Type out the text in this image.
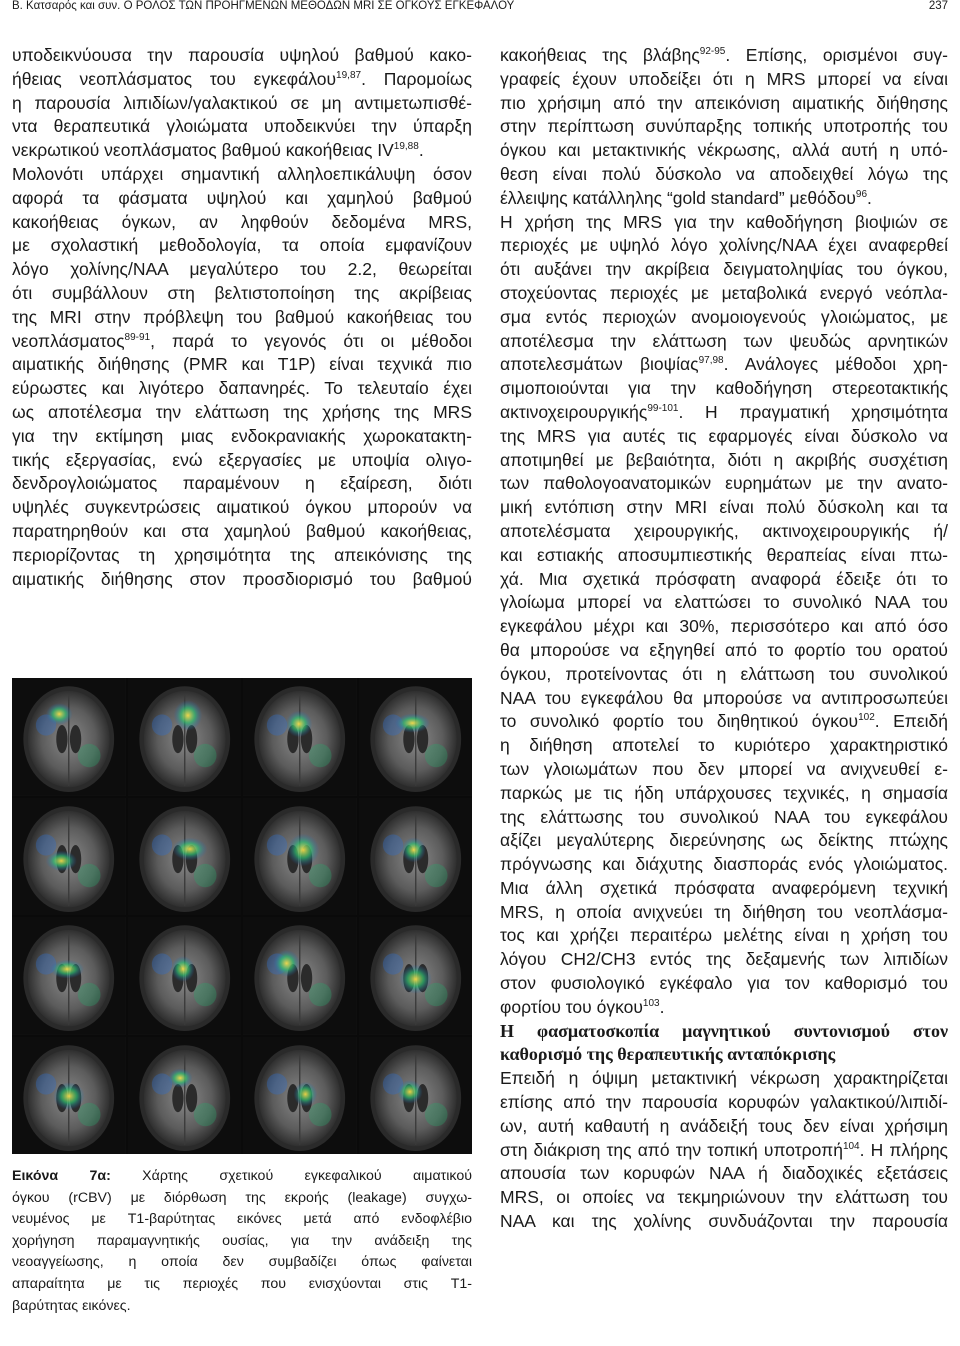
Β. Κατσαρός και συν. Ο ΡΟΛΟΣ ΤΩΝ ΠΡΟΗΓΜΕΝΩΝ ΜΕΘΟΔΩΝ MRI ΣΕ ΟΓΚΟΥΣ ΕΓΚΕΦΑΛΟΥ	237
υποδεικνύουσα την παρουσία υψηλού βαθμού κακο-
ήθειας νεοπλάσματος του εγκεφάλου$^{19,87}$. Παρομοίως
η παρουσία λιπιδίων/γαλακτικού σε μη αντιμετωπισθέ-
ντα θεραπευτικά γλοιώματα υποδεικνύει την ύπαρξη
νεκρωτικού νεοπλάσματος βαθμού κακοήθειας IV$^{19,88}$.
Μολονότι υπάρχει σημαντική αλληλοεπικάλυψη όσον
αφορά τα φάσματα υψηλού και χαμηλού βαθμού
κακοήθειας όγκων, αν ληφθούν δεδομένα MRS,
με σχολαστική μεθοδολογία, τα οποία εμφανίζουν
λόγο χολίνης/NAA μεγαλύτερο του 2.2, θεωρείται
ότι συμβάλλουν στη βελτιστοποίηση της ακρίβειας
της MRI στην πρόβλεψη του βαθμού κακοήθειας του
νεοπλάσματος$^{89-91}$, παρά το γεγονός ότι οι μέθοδοι
αιματικής διήθησης (PMR και T1P) είναι τεχνικά πιο
εύρωστες και λιγότερο δαπανηρές. Το τελευταίο έχει
ως αποτέλεσμα την ελάττωση της χρήσης της MRS
για την εκτίμηση μιας ενδοκρανιακής χωροκατακτη-
τικής εξεργασίας, ενώ εξεργασίες με υποψία ολιγο-
δενδρογλοιώματος παραμένουν η εξαίρεση, διότι
υψηλές συγκεντρώσεις αιματικού όγκου μπορούν να
παρατηρηθούν και στα χαμηλού βαθμού κακοήθειας,
περιορίζοντας τη χρησιμότητα της απεικόνισης της
αιματικής διήθησης στον προσδιορισμό του βαθμού
Εικόνα 7α: Χάρτης σχετικού εγκεφαλικού αιματικού
όγκου (rCBV) με διόρθωση της εκροής (leakage) συγχω-
νευμένος με T1-βαρύτητας εικόνες μετά από ενδοφλέβιο
χορήγηση παραμαγνητικής ουσίας, για την ανάδειξη της
νεοαγγείωσης, η οποία δεν συμβαδίζει όπως φαίνεται
απαραίτητα με τις περιοχές που ενισχύονται στις T1-
βαρύτητας εικόνες.
κακοήθειας της βλάβης$^{92-95}$. Επίσης, ορισμένοι συγ-
γραφείς έχουν υποδείξει ότι η MRS μπορεί να είναι
πιο χρήσιμη από την απεικόνιση αιματικής διήθησης
στην περίπτωση συνύπαρξης τοπικής υποτροπής του
όγκου και μετακτινικής νέκρωσης, αλλά αυτή η υπό-
θεση είναι πολύ δύσκολο να αποδειχθεί λόγω της
έλλειψης κατάλληλης “gold standard” μεθόδου$^{96}$.
Η χρήση της MRS για την καθοδήγηση βιοψιών σε
περιοχές με υψηλό λόγο χολίνης/NAA έχει αναφερθεί
ότι αυξάνει την ακρίβεια δειγματοληψίας του όγκου,
στοχεύοντας περιοχές με μεταβολικά ενεργό νεόπλα-
σμα εντός περιοχών ανομοιογενούς γλοιώματος, με
αποτέλεσμα την ελάττωση των ψευδώς αρνητικών
αποτελεσμάτων βιοψίας$^{97,98}$. Ανάλογες μέθοδοι χρη-
σιμοποιούνται για την καθοδήγηση στερεοτακτικής
ακτινοχειρουργικής$^{99-101}$. Η πραγματική χρησιμότητα
της MRS για αυτές τις εφαρμογές είναι δύσκολο να
αποτιμηθεί με βεβαιότητα, διότι η ακριβής συσχέτιση
των παθολογοανατομικών ευρημάτων με την ανατο-
μική εντόπιση στην MRI είναι πολύ δύσκολη και τα
αποτελέσματα χειρουργικής, ακτινοχειρουργικής ή/
και εστιακής αποσυμπιεστικής θεραπείας είναι πτω-
χά. Μια σχετικά πρόσφατη αναφορά έδειξε ότι το
γλοίωμα μπορεί να ελαττώσει το συνολικό NAA του
εγκεφάλου μέχρι και 30%, περισσότερο και από όσο
θα μπορούσε να εξηγηθεί από το φορτίο του ορατού
όγκου, προτείνοντας ότι η ελάττωση του συνολικού
NAA του εγκεφάλου θα μπορούσε να αντιπροσωπεύει
το συνολικό φορτίο του διηθητικού όγκου$^{102}$. Επειδή
η διήθηση αποτελεί το κυριότερο χαρακτηριστικό
των γλοιωμάτων που δεν μπορεί να ανιχνευθεί ε-
παρκώς με τις ήδη υπάρχουσες τεχνικές, η σημασία
της ελάττωσης του συνολικού NAA του εγκεφάλου
αξίζει μεγαλύτερης διερεύνησης ως δείκτης πτώχης
πρόγνωσης και διάχυτης διασποράς ενός γλοιώματος.
Μια άλλη σχετικά πρόσφατα αναφερόμενη τεχνική
MRS, η οποία ανιχνεύει τη διήθηση του νεοπλάσμα-
τος και χρήζει περαιτέρω μελέτης είναι η χρήση του
λόγου CH2/CH3 εντός της δεξαμενής των λιπιδίων
στον φυσιολογικό εγκέφαλο για τον καθορισμό του
φορτίου του όγκου$^{103}$.
Η φασματοσκοπία μαγνητικού συντονισμού στον
καθορισμό της θεραπευτικής ανταπόκρισης
Επειδή η όψιμη μετακτινική νέκρωση χαρακτηρίζεται
επίσης από την παρουσία κορυφών γαλακτικού/λιπιδί-
ων, αυτή καθαυτή η ανάδειξή τους δεν είναι χρήσιμη
στη διάκριση της από την τοπική υποτροπή$^{104}$. Η πλήρης
απουσία των κορυφών NAA ή διαδοχικές εξετάσεις
MRS, οι οποίες να τεκμηριώνουν την ελάττωση του
NAA και της χολίνης συνδυάζονται την παρουσία
